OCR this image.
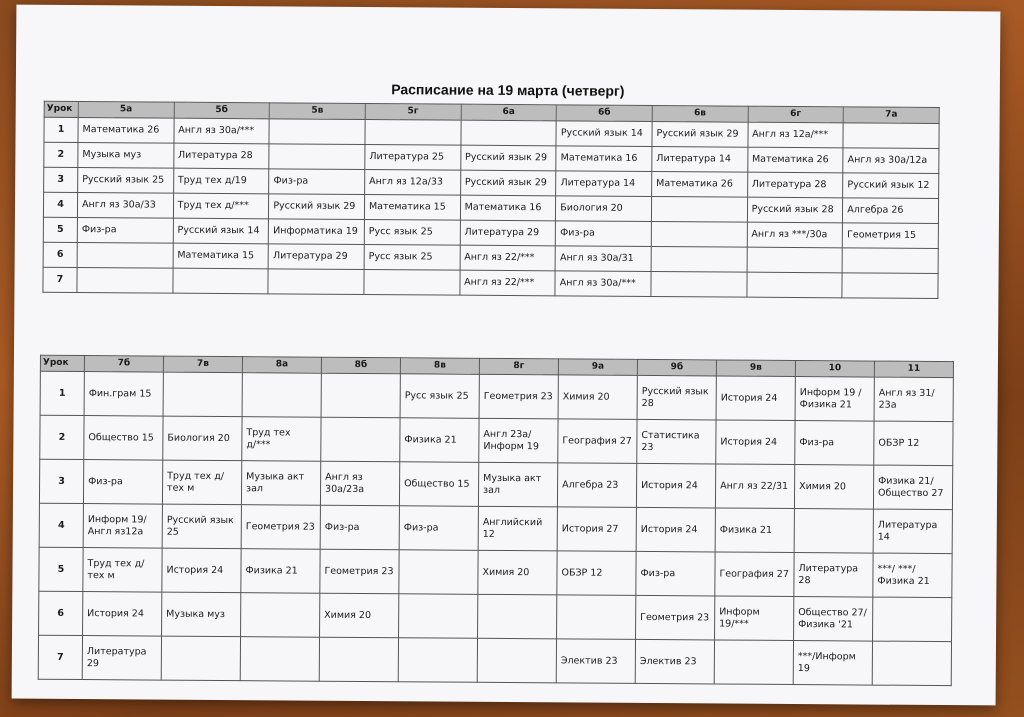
Расписание на 19 марта (четверг)
Урок	5а	5б	5в	5г	6а	6б	6в	6г	7а
1	Математика 26	Англ яз 30а/***				Русский язык 14	Русский язык 29	Англ яз 12а/***	
2	Музыка муз	Литература 28		Литература 25	Русский язык 29	Математика 16	Литература 14	Математика 26	Англ яз 30а/12а
3	Русский язык 25	Труд тех д/19	Физ-ра	Англ яз 12а/33	Русский язык 29	Литература 14	Математика 26	Литература 28	Русский язык 12
4	Англ яз 30а/33	Труд тех д/***	Русский язык 29	Математика 15	Математика 16	Биология 20		Русский язык 28	Алгебра 26
5	Физ-ра	Русский язык 14	Информатика 19	Русс язык 25	Литература 29	Физ-ра		Англ яз ***/30а	Геометрия 15
6		Математика 15	Литература 29	Русс язык 25	Англ яз 22/***	Англ яз 30а/31			
7					Англ яз 22/***	Англ яз 30а/***			
Урок	7б	7в	8а	8б	8в	8г	9а	9б	9в	10	11
1	Фин.грам 15				Русс язык 25	Геометрия 23	Химия 20	Русский язык 28	История 24	Информ 19 / Физика 21	Англ яз 31/ 23а
2	Общество 15	Биология 20	Труд тех д/***		Физика 21	Англ 23а/ Информ 19	География 27	Статистика 23	История 24	Физ-ра	ОБЗР 12
3	Физ-ра	Труд тех д/тех м	Музыка акт зал	Англ яз 30а/23а	Общество 15	Музыка акт зал	Алгебра 23	История 24	Англ яз 22/31	Химия 20	Физика 21/ Общество 27
4	Информ 19/ Англ яз12а	Русский язык 25	Геометрия 23	Физ-ра	Физ-ра	Английский 12	История 27	История 24	Физика 21		Литература 14
5	Труд тех д/тех м	История 24	Физика 21	Геометрия 23		Химия 20	ОБЗР 12	Физ-ра	География 27	Литература 28	***/ ***/ Физика 21
6	История 24	Музыка муз		Химия 20				Геометрия 23	Информ 19/***	Общество 27/ Физика '21	
7	Литература 29						Электив 23	Электив 23		***/Информ 19	
